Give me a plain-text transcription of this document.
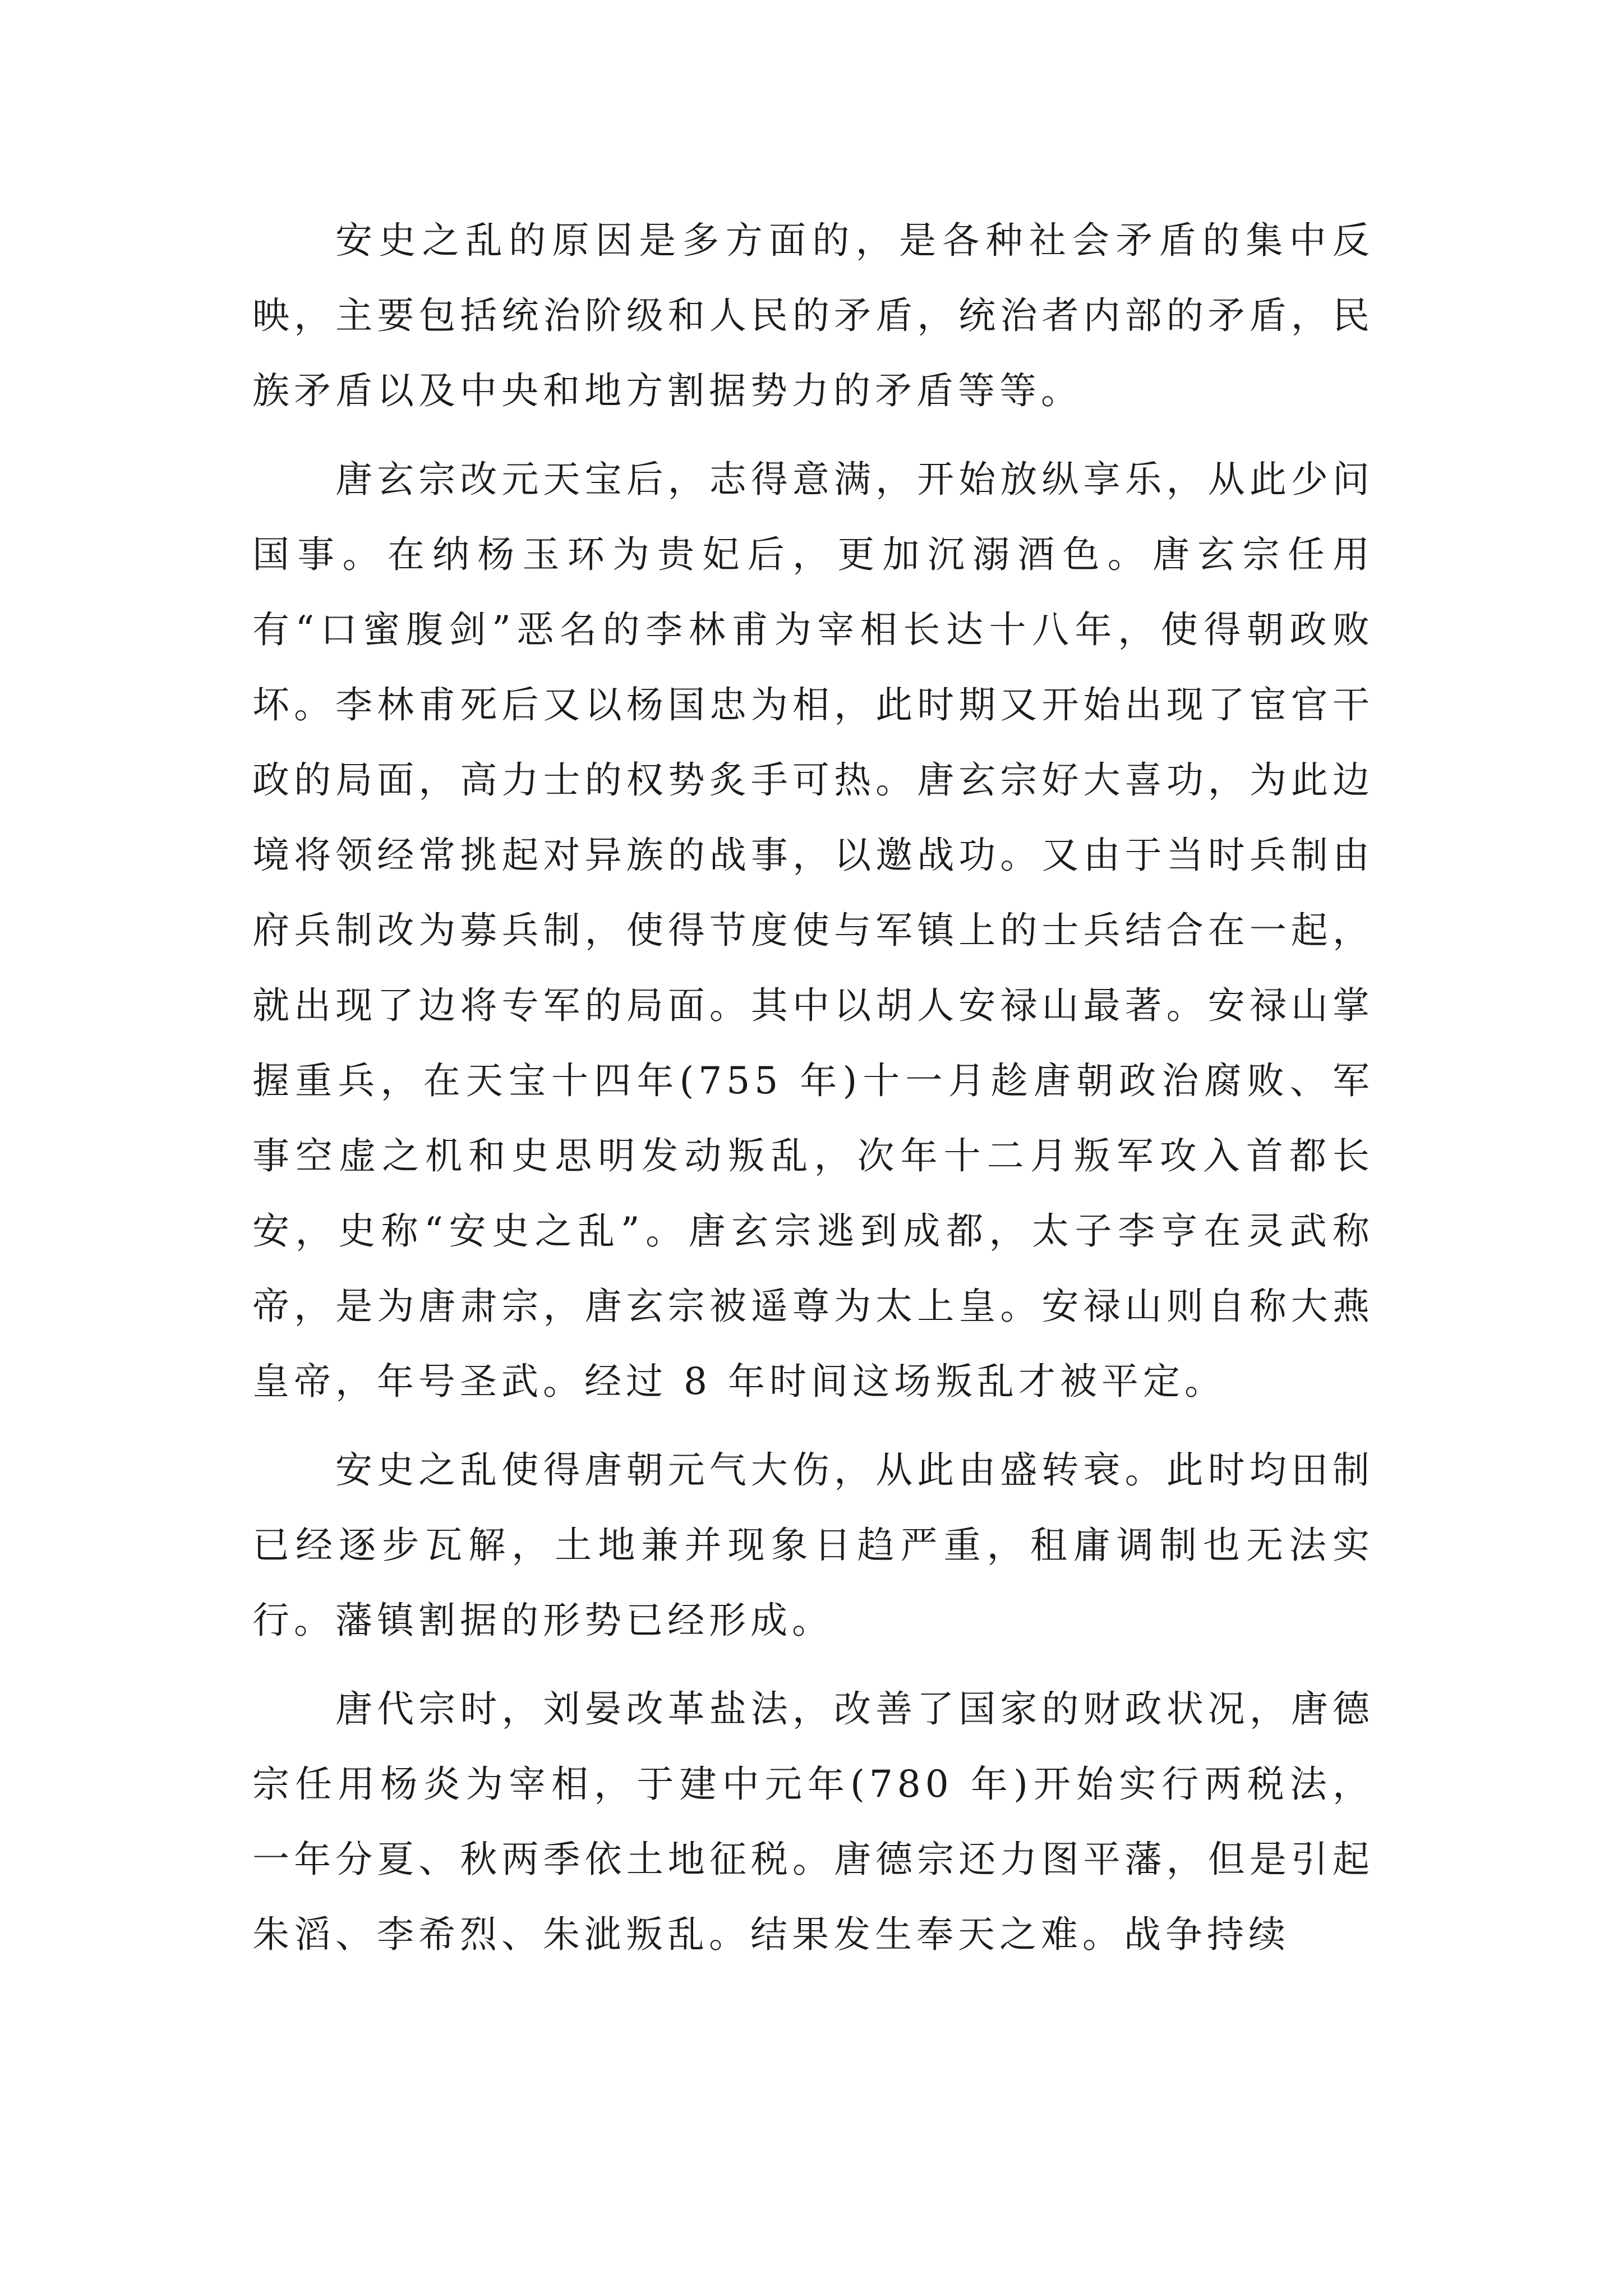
安史之乱的原因是多方面的，是各种社会矛盾的集中反映，主要包括统治阶级和人民的矛盾，统治者内部的矛盾，民族矛盾以及中央和地方割据势力的矛盾等等。

唐玄宗改元天宝后，志得意满，开始放纵享乐，从此少问国事。在纳杨玉环为贵妃后，更加沉溺酒色。唐玄宗任用有“口蜜腹剑”恶名的李林甫为宰相长达十八年，使得朝政败坏。李林甫死后又以杨国忠为相，此时期又开始出现了宦官干政的局面，高力士的权势炙手可热。唐玄宗好大喜功，为此边境将领经常挑起对异族的战事，以邀战功。又由于当时兵制由府兵制改为募兵制，使得节度使与军镇上的士兵结合在一起，就出现了边将专军的局面。其中以胡人安禄山最著。安禄山掌握重兵，在天宝十四年(755 年)十一月趁唐朝政治腐败、军事空虚之机和史思明发动叛乱，次年十二月叛军攻入首都长安，史称“安史之乱”。唐玄宗逃到成都，太子李亨在灵武称帝，是为唐肃宗，唐玄宗被遥尊为太上皇。安禄山则自称大燕皇帝，年号圣武。经过 8 年时间这场叛乱才被平定。

安史之乱使得唐朝元气大伤，从此由盛转衰。此时均田制已经逐步瓦解，土地兼并现象日趋严重，租庸调制也无法实行。藩镇割据的形势已经形成。

唐代宗时，刘晏改革盐法，改善了国家的财政状况，唐德宗任用杨炎为宰相，于建中元年(780 年)开始实行两税法，一年分夏、秋两季依土地征税。唐德宗还力图平藩，但是引起朱滔、李希烈、朱泚叛乱。结果发生奉天之难。战争持续
